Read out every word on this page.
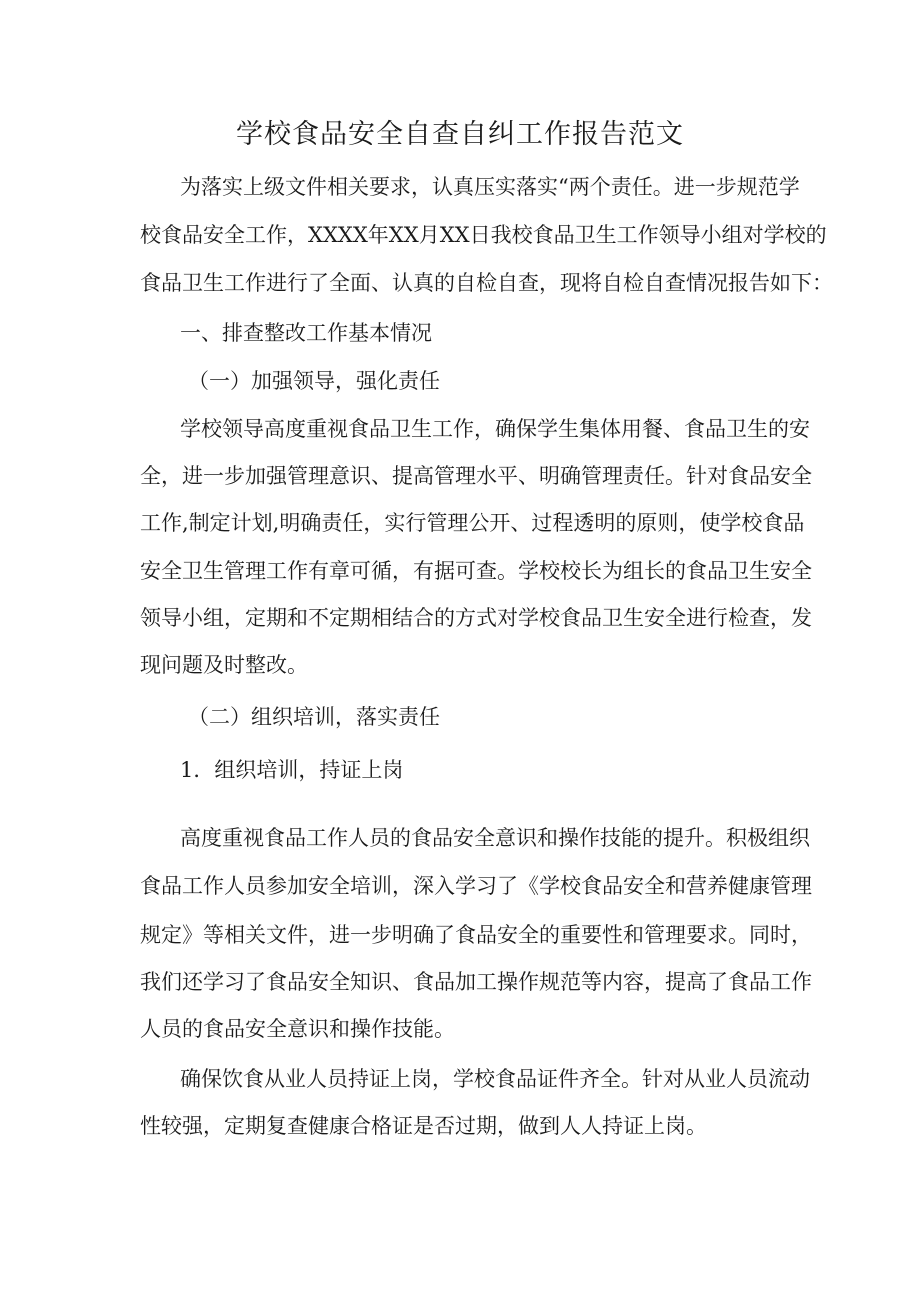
学校食品安全自查自纠工作报告范文

为落实上级文件相关要求，认真压实落实“两个责任。进一步规范学

校食品安全工作，XXXX年XX月XX日我校食品卫生工作领导小组对学校的

食品卫生工作进行了全面、认真的自检自查，现将自检自查情况报告如下：

一、排查整改工作基本情况

（一）加强领导，强化责任

学校领导高度重视食品卫生工作，确保学生集体用餐、食品卫生的安

全，进一步加强管理意识、提高管理水平、明确管理责任。针对食品安全

工作,制定计划,明确责任，实行管理公开、过程透明的原则，使学校食品

安全卫生管理工作有章可循，有据可查。学校校长为组长的食品卫生安全

领导小组，定期和不定期相结合的方式对学校食品卫生安全进行检查，发

现问题及时整改。

（二）组织培训，落实责任

1．组织培训，持证上岗

高度重视食品工作人员的食品安全意识和操作技能的提升。积极组织

食品工作人员参加安全培训，深入学习了《学校食品安全和营养健康管理

规定》等相关文件，进一步明确了食品安全的重要性和管理要求。同时，

我们还学习了食品安全知识、食品加工操作规范等内容，提高了食品工作

人员的食品安全意识和操作技能。

确保饮食从业人员持证上岗，学校食品证件齐全。针对从业人员流动

性较强，定期复查健康合格证是否过期，做到人人持证上岗。
